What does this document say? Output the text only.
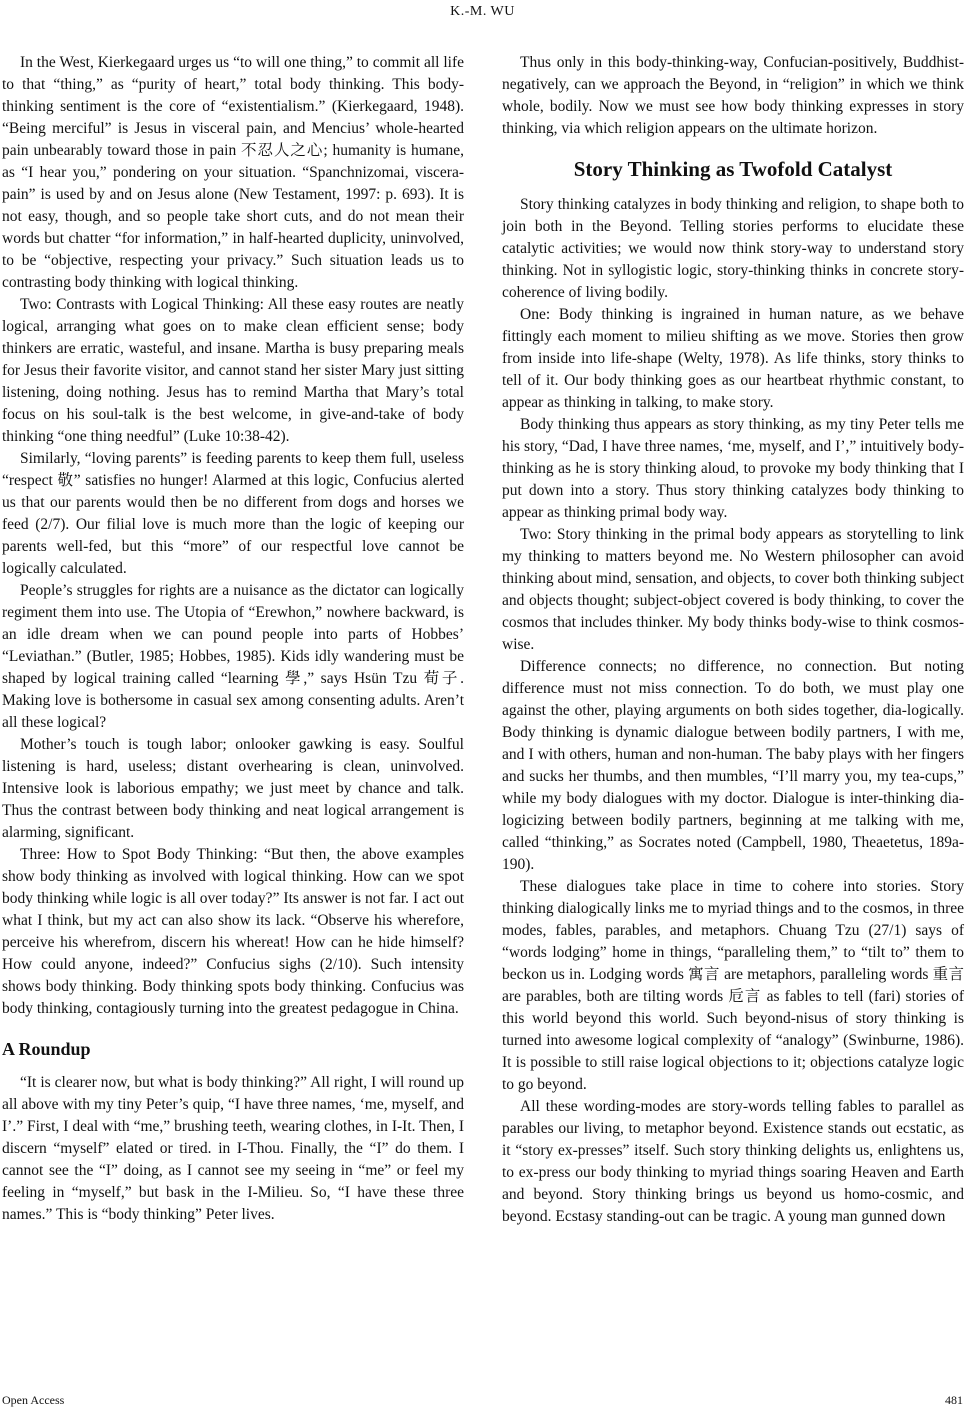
K.-M. WU

In the West, Kierkegaard urges us “to will one thing,” to commit all life to that “thing,” as “purity of heart,” total body thinking. This body-thinking sentiment is the core of “existentialism.” (Kierkegaard, 1948). “Being merciful” is Jesus in visceral pain, and Mencius’ whole-hearted pain unbearably toward those in pain 不忍人之心; humanity is humane, as “I hear you,” pondering on your situation. “Spanchnizomai, viscera-pain” is used by and on Jesus alone (New Testament, 1997: p. 693). It is not easy, though, and so people take short cuts, and do not mean their words but chatter “for information,” in half-hearted duplicity, uninvolved, to be “objective, respecting your privacy.” Such situation leads us to contrasting body thinking with logical thinking.

Two: Contrasts with Logical Thinking: All these easy routes are neatly logical, arranging what goes on to make clean efficient sense; body thinkers are erratic, wasteful, and insane. Martha is busy preparing meals for Jesus their favorite visitor, and cannot stand her sister Mary just sitting listening, doing nothing. Jesus has to remind Martha that Mary’s total focus on his soul-talk is the best welcome, in give-and-take of body thinking “one thing needful” (Luke 10:38-42).

Similarly, “loving parents” is feeding parents to keep them full, useless “respect 敬” satisfies no hunger! Alarmed at this logic, Confucius alerted us that our parents would then be no different from dogs and horses we feed (2/7). Our filial love is much more than the logic of keeping our parents well-fed, but this “more” of our respectful love cannot be logically calculated.

People’s struggles for rights are a nuisance as the dictator can logically regiment them into use. The Utopia of “Erewhon,” nowhere backward, is an idle dream when we can pound people into parts of Hobbes’ “Leviathan.” (Butler, 1985; Hobbes, 1985). Kids idly wandering must be shaped by logical training called “learning 學,” says Hsün Tzu 荀子. Making love is bothersome in casual sex among consenting adults. Aren’t all these logical?

Mother’s touch is tough labor; onlooker gawking is easy. Soulful listening is hard, useless; distant overhearing is clean, uninvolved. Intensive look is laborious empathy; we just meet by chance and talk. Thus the contrast between body thinking and neat logical arrangement is alarming, significant.

Three: How to Spot Body Thinking: “But then, the above examples show body thinking as involved with logical thinking. How can we spot body thinking while logic is all over today?” Its answer is not far. I act out what I think, but my act can also show its lack. “Observe his wherefore, perceive his wherefrom, discern his whereat! How can he hide himself? How could anyone, indeed?” Confucius sighs (2/10). Such intensity shows body thinking. Body thinking spots body thinking. Confucius was body thinking, contagiously turning into the greatest pedagogue in China.

A Roundup

“It is clearer now, but what is body thinking?” All right, I will round up all above with my tiny Peter’s quip, “I have three names, ‘me, myself, and I’.” First, I deal with “me,” brushing teeth, wearing clothes, in I-It. Then, I discern “myself” elated or tired. in I-Thou. Finally, the “I” do them. I cannot see the “I” doing, as I cannot see my seeing in “me” or feel my feeling in “myself,” but bask in the I-Milieu. So, “I have these three names.” This is “body thinking” Peter lives.

Thus only in this body-thinking-way, Confucian-positively, Buddhist-negatively, can we approach the Beyond, in “religion” in which we think whole, bodily. Now we must see how body thinking expresses in story thinking, via which religion appears on the ultimate horizon.

Story Thinking as Twofold Catalyst

Story thinking catalyzes in body thinking and religion, to shape both to join both in the Beyond. Telling stories performs to elucidate these catalytic activities; we would now think story-way to understand story thinking. Not in syllogistic logic, story-thinking thinks in concrete story-coherence of living bodily.

One: Body thinking is ingrained in human nature, as we behave fittingly each moment to milieu shifting as we move. Stories then grow from inside into life-shape (Welty, 1978). As life thinks, story thinks to tell of it. Our body thinking goes as our heartbeat rhythmic constant, to appear as thinking in talking, to make story.

Body thinking thus appears as story thinking, as my tiny Peter tells me his story, “Dad, I have three names, ‘me, myself, and I’,” intuitively body-thinking as he is story thinking aloud, to provoke my body thinking that I put down into a story. Thus story thinking catalyzes body thinking to appear as thinking primal body way.

Two: Story thinking in the primal body appears as storytelling to link my thinking to matters beyond me. No Western philosopher can avoid thinking about mind, sensation, and objects, to cover both thinking subject and objects thought; subject-object covered is body thinking, to cover the cosmos that includes thinker. My body thinks body-wise to think cosmos-wise.

Difference connects; no difference, no connection. But noting difference must not miss connection. To do both, we must play one against the other, playing arguments on both sides together, dia-logically. Body thinking is dynamic dialogue between bodily partners, I with me, and I with others, human and non-human. The baby plays with her fingers and sucks her thumbs, and then mumbles, “I’ll marry you, my tea-cups,” while my body dialogues with my doctor. Dialogue is inter-thinking dia-logicizing between bodily partners, beginning at me talking with me, called “thinking,” as Socrates noted (Campbell, 1980, Theaetetus, 189a-190).

These dialogues take place in time to cohere into stories. Story thinking dialogically links me to myriad things and to the cosmos, in three modes, fables, parables, and metaphors. Chuang Tzu (27/1) says of “words lodging” home in things, “paralleling them,” to “tilt to” them to beckon us in. Lodging words 寓言 are metaphors, paralleling words 重言 are parables, both are tilting words 卮言 as fables to tell (fari) stories of this world beyond this world. Such beyond-nisus of story thinking is turned into awesome logical complexity of “analogy” (Swinburne, 1986). It is possible to still raise logical objections to it; objections catalyze logic to go beyond.

All these wording-modes are story-words telling fables to parallel as parables our living, to metaphor beyond. Existence stands out ecstatic, as it “story ex-presses” itself. Such story thinking delights us, enlightens us, to ex-press our body thinking to myriad things soaring Heaven and Earth and beyond. Story thinking brings us beyond us homo-cosmic, and beyond. Ecstasy standing-out can be tragic. A young man gunned down

Open Access	481
